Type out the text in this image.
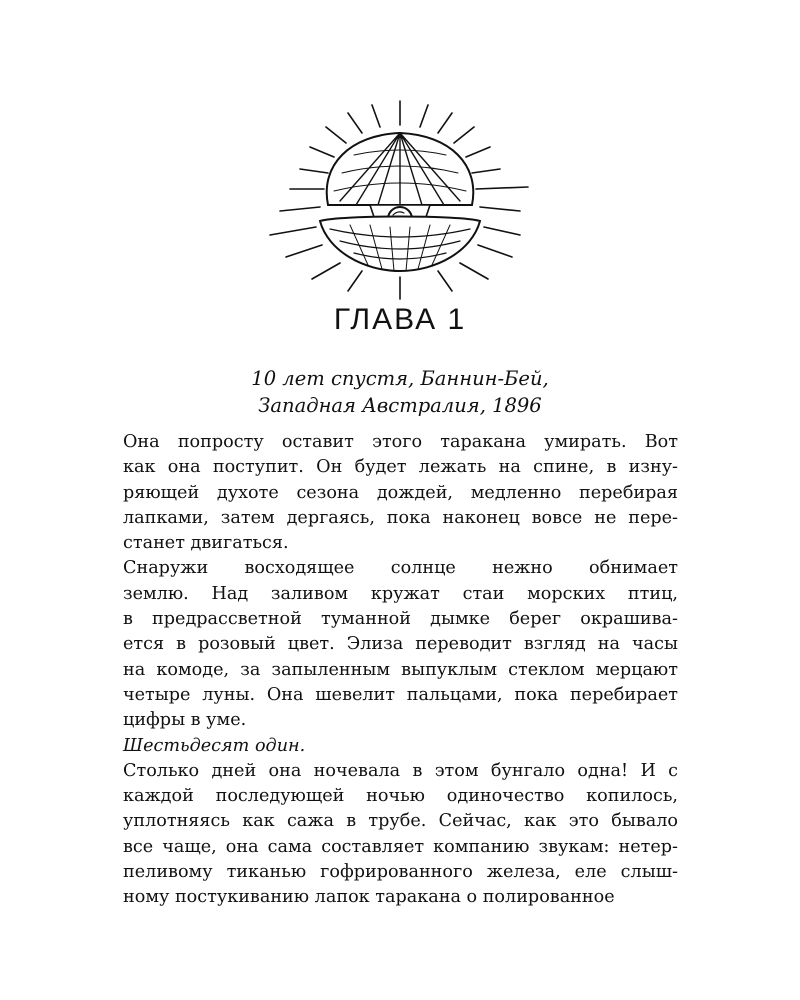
ГЛАВА 1
10 лет спустя, Баннин-Бей,
Западная Австралия, 1896
Она попросту оставит этого таракана умирать. Вот
как она поступит. Он будет лежать на спине, в изну-
ряющей духоте сезона дождей, медленно перебирая
лапками, затем дергаясь, пока наконец вовсе не пере-
станет двигаться.
Снаружи восходящее солнце нежно обнимает
землю. Над заливом кружат стаи морских птиц,
в предрассветной туманной дымке берег окрашива-
ется в розовый цвет. Элиза переводит взгляд на часы
на комоде, за запыленным выпуклым стеклом мерцают
четыре луны. Она шевелит пальцами, пока перебирает
цифры в уме.
Шестьдесят один.
Столько дней она ночевала в этом бунгало одна! И с
каждой последующей ночью одиночество копилось,
уплотняясь как сажа в трубе. Сейчас, как это бывало
все чаще, она сама составляет компанию звукам: нетер-
пеливому тиканью гофрированного железа, еле слыш-
ному постукиванию лапок таракана о полированное
